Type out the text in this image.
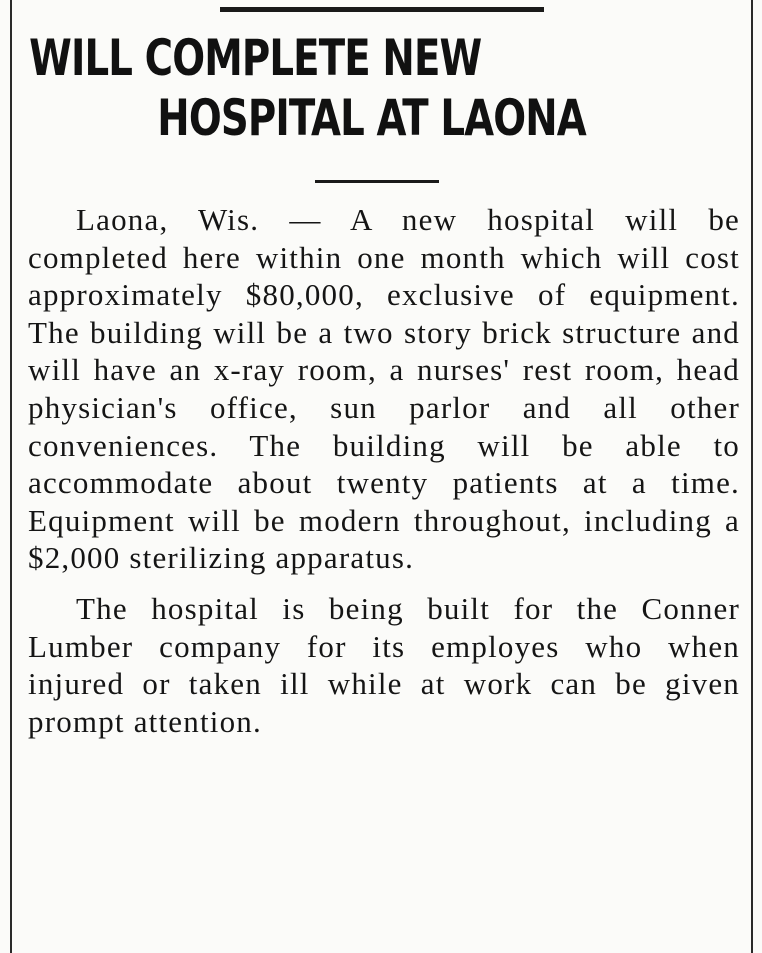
WILL COMPLETE NEW
HOSPITAL AT LAONA

Laona, Wis. — A new hospital will be completed here within one month which will cost approximately $80,000, exclusive of equipment. The building will be a two story brick structure and will have an x-ray room, a nurses' rest room, head physician's office, sun parlor and all other conveniences. The building will be able to accommodate about twenty patients at a time. Equipment will be modern throughout, including a $2,000 sterilizing apparatus.

The hospital is being built for the Conner Lumber company for its employes who when injured or taken ill while at work can be given prompt attention.
